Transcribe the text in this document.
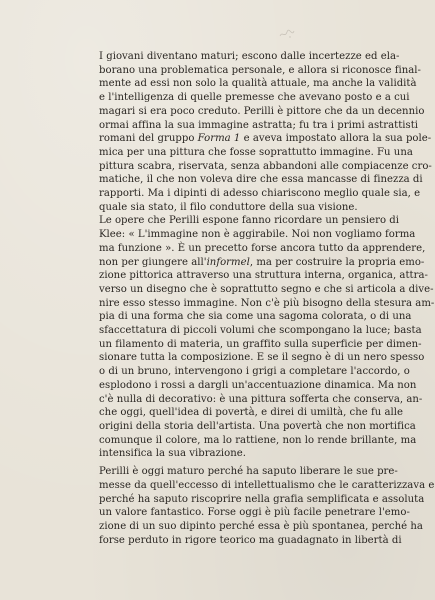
I giovani diventano maturi; escono dalle incertezze ed ela-
borano una problematica personale, e allora si riconosce final-
mente ad essi non solo la qualità attuale, ma anche la validità
e l'intelligenza di quelle premesse che avevano posto e a cui
magari si era poco creduto. Perilli è pittore che da un decennio
ormai affina la sua immagine astratta; fu tra i primi astrattisti
romani del gruppo Forma 1 e aveva impostato allora la sua pole-
mica per una pittura che fosse soprattutto immagine. Fu una
pittura scabra, riservata, senza abbandoni alle compiacenze cro-
matiche, il che non voleva dire che essa mancasse di finezza di
rapporti. Ma i dipinti di adesso chiariscono meglio quale sia, e
quale sia stato, il filo conduttore della sua visione.
Le opere che Perilli espone fanno ricordare un pensiero di
Klee: « L'immagine non è aggirabile. Noi non vogliamo forma
ma funzione ». È un precetto forse ancora tutto da apprendere,
non per giungere all'informel, ma per costruire la propria emo-
zione pittorica attraverso una struttura interna, organica, attra-
verso un disegno che è soprattutto segno e che si articola a dive-
nire esso stesso immagine. Non c'è più bisogno della stesura am-
pia di una forma che sia come una sagoma colorata, o di una
sfaccettatura di piccoli volumi che scompongano la luce; basta
un filamento di materia, un graffito sulla superficie per dimen-
sionare tutta la composizione. E se il segno è di un nero spesso
o di un bruno, intervengono i grigi a completare l'accordo, o
esplodono i rossi a dargli un'accentuazione dinamica. Ma non
c'è nulla di decorativo: è una pittura sofferta che conserva, an-
che oggi, quell'idea di povertà, e direi di umiltà, che fu alle
origini della storia dell'artista. Una povertà che non mortifica
comunque il colore, ma lo rattiene, non lo rende brillante, ma
intensifica la sua vibrazione.
Perilli è oggi maturo perché ha saputo liberare le sue pre-
messe da quell'eccesso di intellettualismo che le caratterizzava e
perché ha saputo riscoprire nella grafia semplificata e assoluta
un valore fantastico. Forse oggi è più facile penetrare l'emo-
zione di un suo dipinto perché essa è più spontanea, perché ha
forse perduto in rigore teorico ma guadagnato in libertà di
